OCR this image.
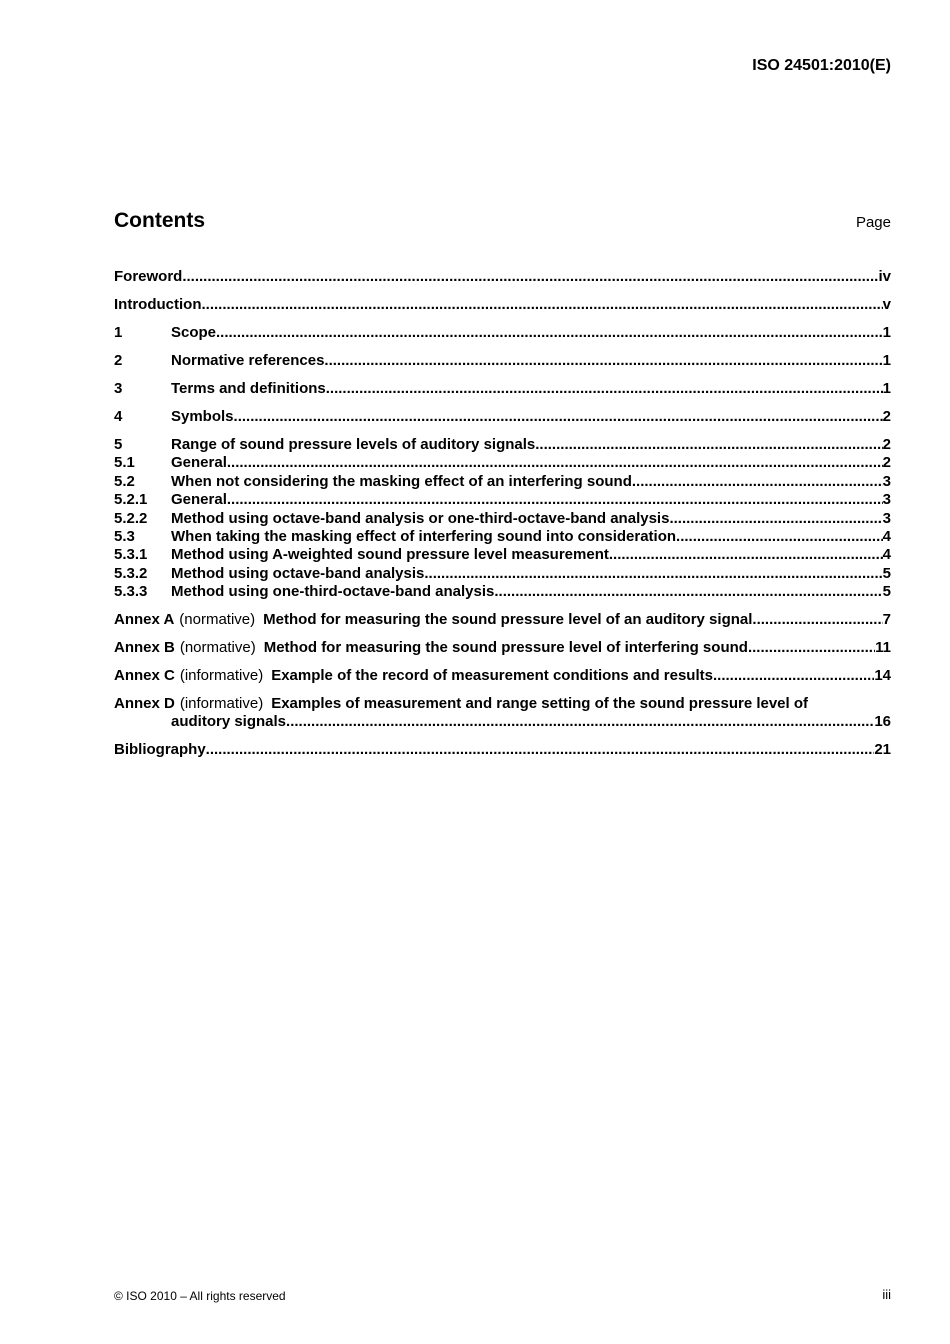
ISO 24501:2010(E)
Contents	Page
Foreword .....	iv
Introduction .....	v
1	Scope .....	1
2	Normative references .....	1
3	Terms and definitions .....	1
4	Symbols .....	2
5	Range of sound pressure levels of auditory signals .....	2
5.1	General .....	2
5.2	When not considering the masking effect of an interfering sound .....	3
5.2.1	General .....	3
5.2.2	Method using octave-band analysis or one-third-octave-band analysis .....	3
5.3	When taking the masking effect of interfering sound into consideration .....	4
5.3.1	Method using A-weighted sound pressure level measurement .....	4
5.3.2	Method using octave-band analysis .....	5
5.3.3	Method using one-third-octave-band analysis .....	5
Annex A (normative) Method for measuring the sound pressure level of an auditory signal .....	7
Annex B (normative) Method for measuring the sound pressure level of interfering sound .....	11
Annex C (informative) Example of the record of measurement conditions and results .....	14
Annex D (informative) Examples of measurement and range setting of the sound pressure level of
auditory signals .....	16
Bibliography .....	21
© ISO 2010 – All rights reserved	iii
